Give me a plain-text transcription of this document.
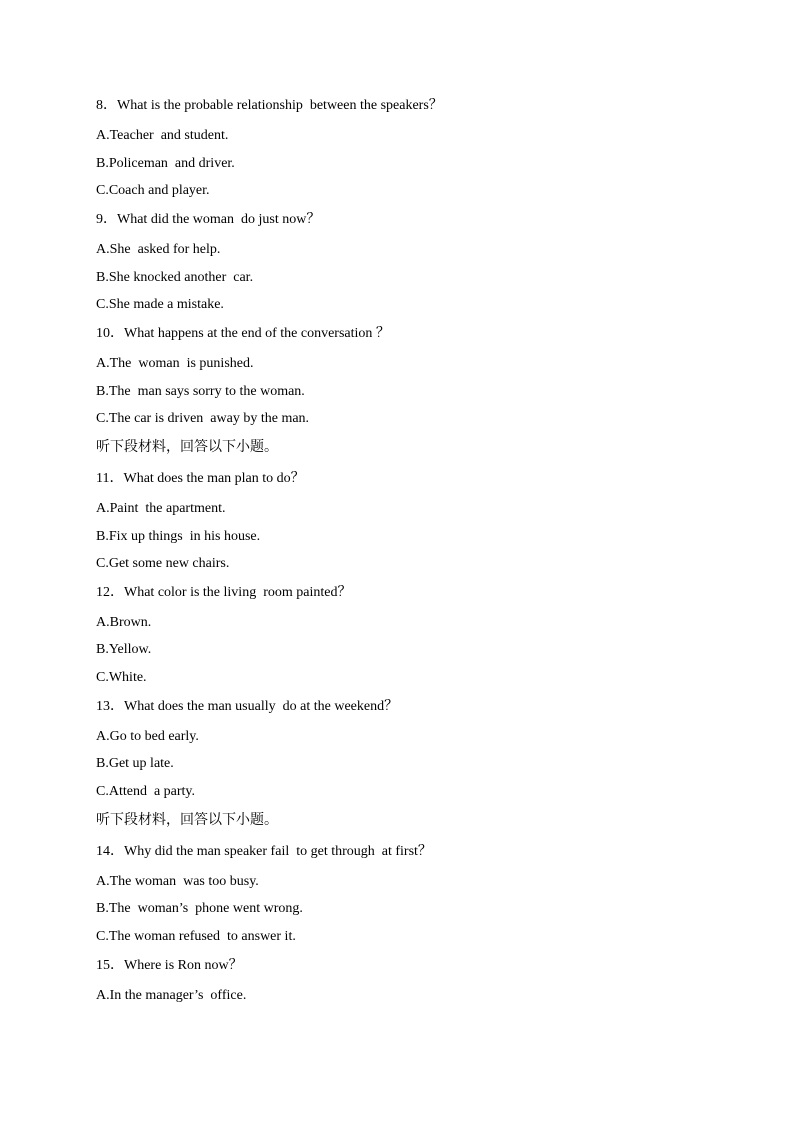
8．What is the probable relationship  between the speakers？
A.Teacher  and student.
B.Policeman  and driver.
C.Coach and player.
9．What did the woman  do just now？
A.She  asked for help.
B.She knocked another  car.
C.She made a mistake.
10．What happens at the end of the conversation ？
A.The  woman  is punished.
B.The  man says sorry to the woman.
C.The car is driven  away by the man.
听下段材料，回答以下小题。
11．What does the man plan to do？
A.Paint  the apartment.
B.Fix up things  in his house.
C.Get some new chairs.
12．What color is the living  room painted？
A.Brown.
B.Yellow.
C.White.
13．What does the man usually  do at the weekend？
A.Go to bed early.
B.Get up late.
C.Attend  a party.
听下段材料，回答以下小题。
14．Why did the man speaker fail  to get through  at first？
A.The woman  was too busy.
B.The  woman’s  phone went wrong.
C.The woman refused  to answer it.
15．Where is Ron now？
A.In the manager’s  office.
